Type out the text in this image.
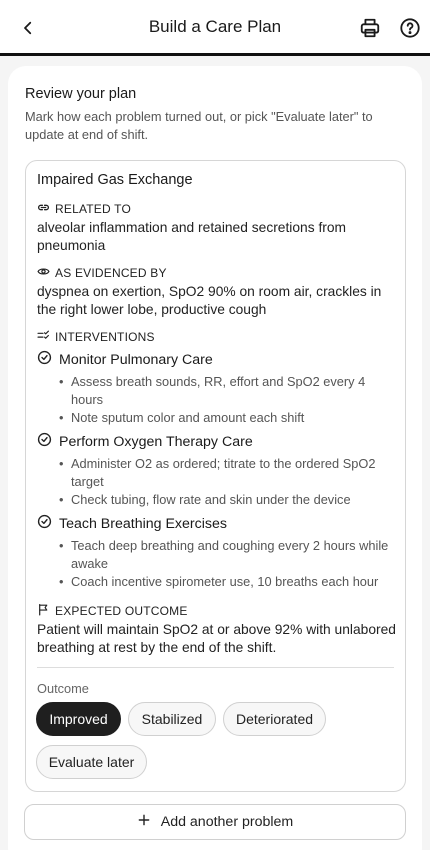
Build a Care Plan
Review your plan
Mark how each problem turned out, or pick "Evaluate later" to update at end of shift.
Impaired Gas Exchange
RELATED TO
alveolar inflammation and retained secretions from pneumonia
AS EVIDENCED BY
dyspnea on exertion, SpO2 90% on room air, crackles in the right lower lobe, productive cough
INTERVENTIONS
Monitor Pulmonary Care
• Assess breath sounds, RR, effort and SpO2 every 4 hours
• Note sputum color and amount each shift
Perform Oxygen Therapy Care
• Administer O2 as ordered; titrate to the ordered SpO2 target
• Check tubing, flow rate and skin under the device
Teach Breathing Exercises
• Teach deep breathing and coughing every 2 hours while awake
• Coach incentive spirometer use, 10 breaths each hour
EXPECTED OUTCOME
Patient will maintain SpO2 at or above 92% with unlabored breathing at rest by the end of the shift.
Outcome
Improved	Stabilized	Deteriorated
Evaluate later
Add another problem
